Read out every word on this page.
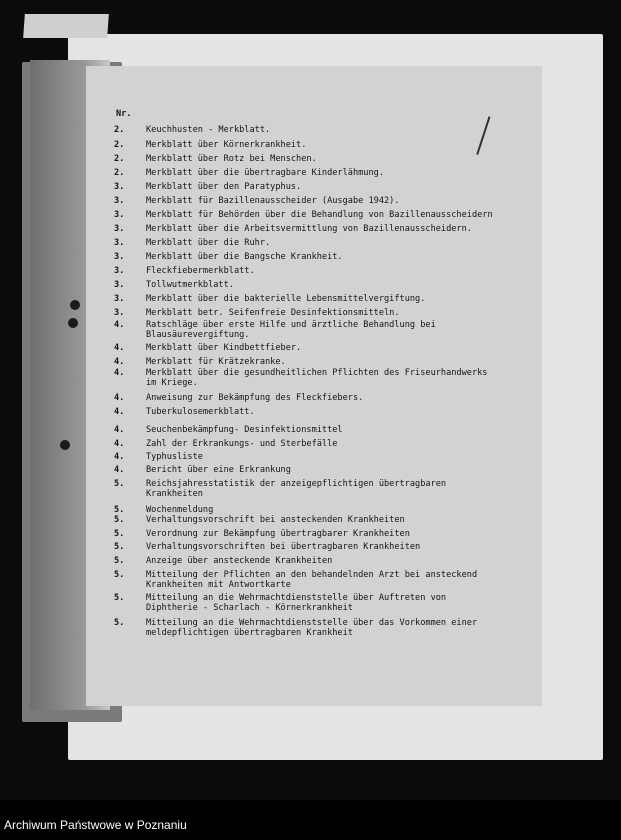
Nr.
2.	Keuchhusten - Merkblatt.
2.	Merkblatt über Körnerkrankheit.
2.	Merkblatt über Rotz bei Menschen.
2.	Merkblatt über die übertragbare Kinderlähmung.
3.	Merkblatt über den Paratyphus.
3.	Merkblatt für Bazillenausscheider (Ausgabe 1942).
3.	Merkblatt für Behörden über die Behandlung von Bazillenausscheidern
3.	Merkblatt über die Arbeitsvermittlung von Bazillenausscheidern.
3.	Merkblatt über die Ruhr.
3.	Merkblatt über die Bangsche Krankheit.
3.	Fleckfiebermerkblatt.
3.	Tollwutmerkblatt.
3.	Merkblatt über die bakterielle Lebensmittelvergiftung.
3.	Merkblatt betr. Seifenfreie Desinfektionsmitteln.
4.	Ratschläge über erste Hilfe und ärztliche Behandlung bei
Blausäurevergiftung.
4.	Merkblatt über Kindbettfieber.
4.	Merkblatt für Krätzekranke.
4.	Merkblatt über die gesundheitlichen Pflichten des Friseurhandwerks
im Kriege.
4.	Anweisung zur Bekämpfung des Fleckfiebers.
4.	Tuberkulosemerkblatt.
4.	Seuchenbekämpfung- Desinfektionsmittel
4.	Zahl der Erkrankungs- und Sterbefälle
4.	Typhusliste
4.	Bericht über eine Erkrankung
5.	Reichsjahresstatistik der anzeigepflichtigen übertragbaren
Krankheiten
5.	Wochenmeldung
5.	Verhaltungsvorschrift bei ansteckenden Krankheiten
5.	Verordnung zur Bekämpfung übertragbarer Krankheiten
5.	Verhaltungsvorschriften bei übertragbaren Krankheiten
5.	Anzeige über ansteckende Krankheiten
5.	Mitteilung der Pflichten an den behandelnden Arzt bei ansteckend
Krankheiten mit Antwortkarte
5.	Mitteilung an die Wehrmachtdienststelle über Auftreten von
Diphtherie - Scharlach - Körnerkrankheit
5.	Mitteilung an die Wehrmachtdienststelle über das Vorkommen einer
meldepflichtigen übertragbaren Krankheit
Archiwum Państwowe w Poznaniu
